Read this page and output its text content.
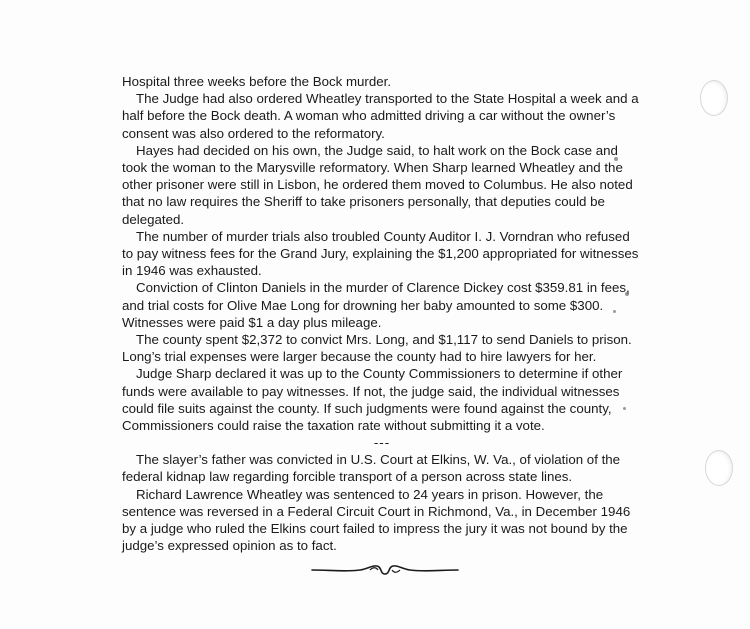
Hospital three weeks before the Bock murder.

The Judge had also ordered Wheatley transported to the State Hospital a week and a half before the Bock death. A woman who admitted driving a car without the owner’s consent was also ordered to the reformatory.

Hayes had decided on his own, the Judge said, to halt work on the Bock case and took the woman to the Marysville reformatory. When Sharp learned Wheatley and the other prisoner were still in Lisbon, he ordered them moved to Columbus. He also noted that no law requires the Sheriff to take prisoners personally, that deputies could be delegated.

The number of murder trials also troubled County Auditor I. J. Vorndran who refused to pay witness fees for the Grand Jury, explaining the $1,200 appropriated for witnesses in 1946 was exhausted.

Conviction of Clinton Daniels in the murder of Clarence Dickey cost $359.81 in fees, and trial costs for Olive Mae Long for drowning her baby amounted to some $300. Witnesses were paid $1 a day plus mileage.

The county spent $2,372 to convict Mrs. Long, and $1,117 to send Daniels to prison. Long’s trial expenses were larger because the county had to hire lawyers for her.

Judge Sharp declared it was up to the County Commissioners to determine if other funds were available to pay witnesses. If not, the judge said, the individual witnesses could file suits against the county. If such judgments were found against the county, Commissioners could raise the taxation rate without submitting it a vote.

---

The slayer’s father was convicted in U.S. Court at Elkins, W. Va., of violation of the federal kidnap law regarding forcible transport of a person across state lines.

Richard Lawrence Wheatley was sentenced to 24 years in prison. However, the sentence was reversed in a Federal Circuit Court in Richmond, Va., in December 1946 by a judge who ruled the Elkins court failed to impress the jury it was not bound by the judge’s expressed opinion as to fact.
